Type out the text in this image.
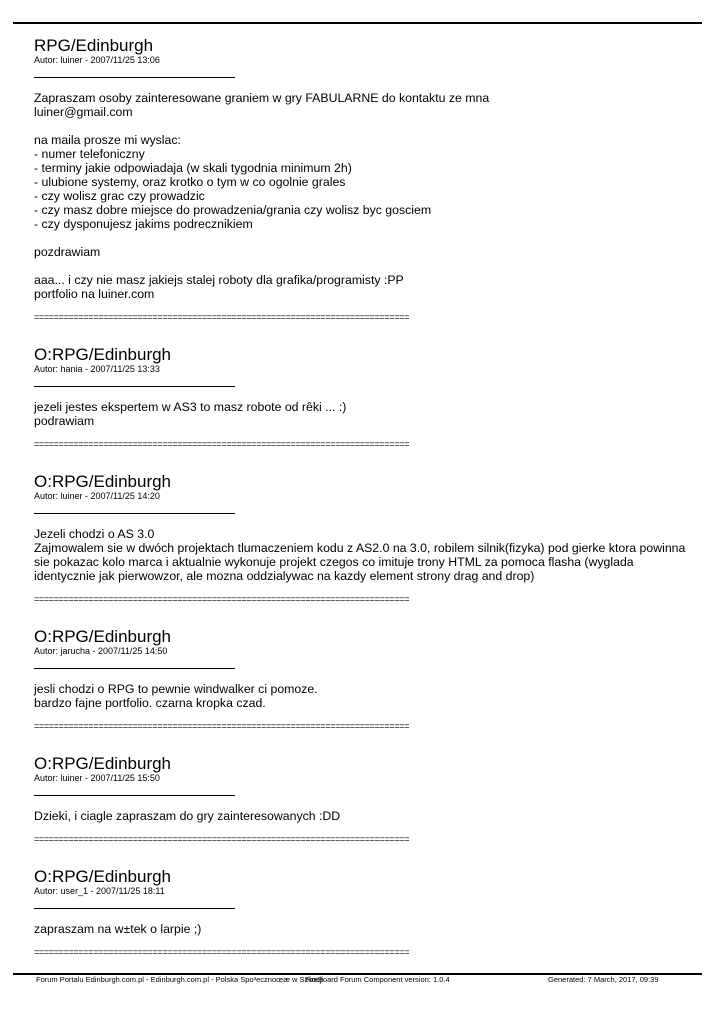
RPG/Edinburgh
Autor: luiner - 2007/11/25 13:06

Zapraszam osoby zainteresowane graniem w gry FABULARNE do kontaktu ze mna
luiner@gmail.com

na maila prosze mi wyslac:
- numer telefoniczny
- terminy jakie odpowiadaja (w skali tygodnia minimum 2h)
- ulubione systemy, oraz krotko o tym w co ogolnie grales
- czy wolisz grac czy prowadzic
- czy masz dobre miejsce do prowadzenia/grania czy wolisz byc gosciem
- czy dysponujesz jakims podrecznikiem

pozdrawiam

aaa... i czy nie masz jakiejs stalej roboty dla grafika/programisty :PP
portfolio na luiner.com

============================================================================
O:RPG/Edinburgh
Autor: hania - 2007/11/25 13:33

jezeli jestes ekspertem w AS3 to masz robote od rêki ... :)
podrawiam

============================================================================
O:RPG/Edinburgh
Autor: luiner - 2007/11/25 14:20

Jezeli chodzi o AS 3.0
Zajmowalem sie w dwóch projektach tlumaczeniem kodu z AS2.0 na 3.0, robilem silnik(fizyka) pod gierke ktora powinna
sie pokazac kolo marca i aktualnie wykonuje projekt czegos co imituje trony HTML za pomoca flasha (wyglada
identycznie jak pierwowzor, ale mozna oddzialywac na kazdy element strony drag and drop)

============================================================================
O:RPG/Edinburgh
Autor: jarucha - 2007/11/25 14:50

jesli chodzi o RPG to pewnie windwalker ci pomoze.
bardzo fajne portfolio. czarna kropka czad.

============================================================================
O:RPG/Edinburgh
Autor: luiner - 2007/11/25 15:50

Dzieki, i ciagle zapraszam do gry zainteresowanych :DD

============================================================================
O:RPG/Edinburgh
Autor: user_1 - 2007/11/25 18:11

zapraszam na w±tek o larpie ;)

============================================================================
Forum Portalu Edinburgh.com.pl - Edinburgh.com.pl - Polska Spo³ecznoœæ w Szkocji
FireBoard Forum Component version: 1.0.4	Generated: 7 March, 2017, 09:39
